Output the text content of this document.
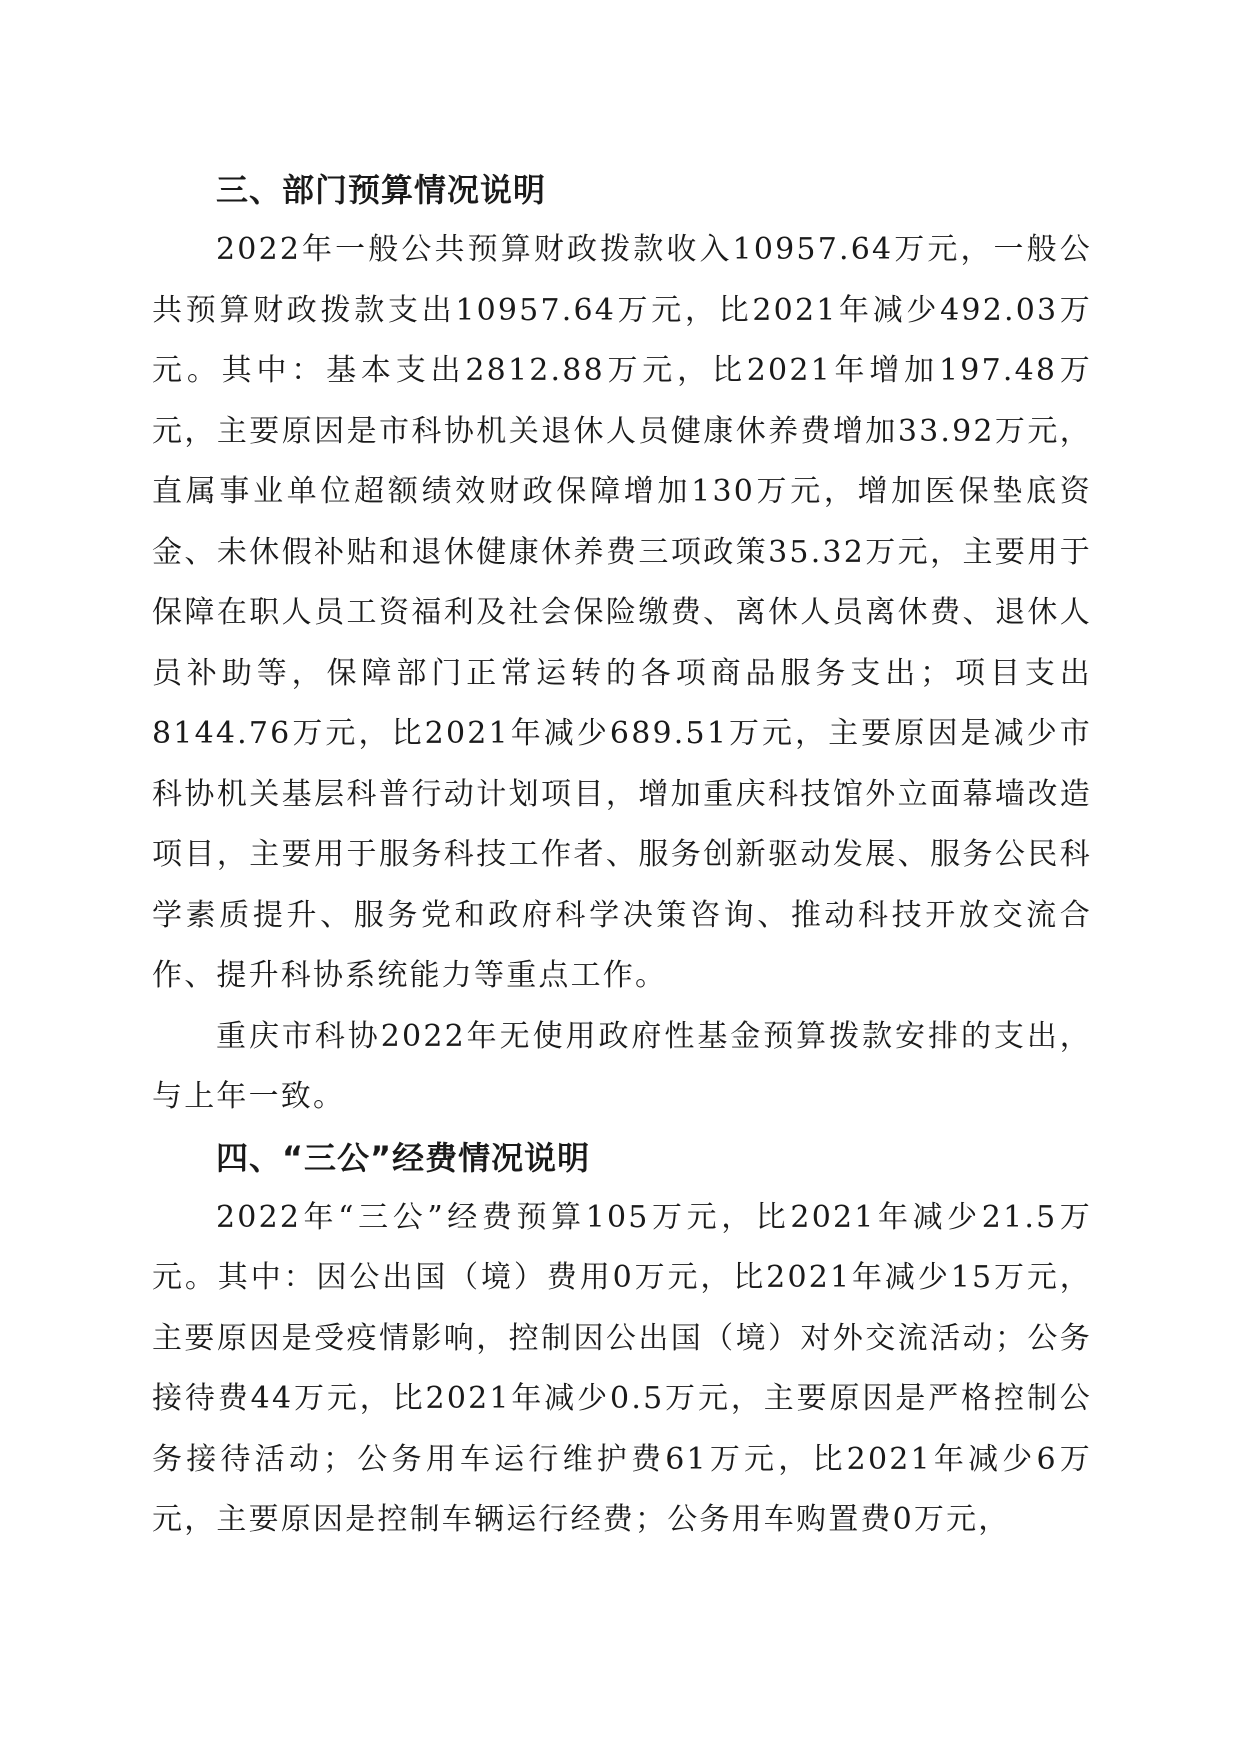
三、部门预算情况说明

2022年一般公共预算财政拨款收入10957.64万元，一般公共预算财政拨款支出10957.64万元，比2021年减少492.03万元。其中：基本支出2812.88万元，比2021年增加197.48万元，主要原因是市科协机关退休人员健康休养费增加33.92万元，直属事业单位超额绩效财政保障增加130万元，增加医保垫底资金、未休假补贴和退休健康休养费三项政策35.32万元，主要用于保障在职人员工资福利及社会保险缴费、离休人员离休费、退休人员补助等，保障部门正常运转的各项商品服务支出；项目支出8144.76万元，比2021年减少689.51万元，主要原因是减少市科协机关基层科普行动计划项目，增加重庆科技馆外立面幕墙改造项目，主要用于服务科技工作者、服务创新驱动发展、服务公民科学素质提升、服务党和政府科学决策咨询、推动科技开放交流合作、提升科协系统能力等重点工作。

重庆市科协2022年无使用政府性基金预算拨款安排的支出，与上年一致。

四、“三公”经费情况说明

2022年“三公”经费预算105万元，比2021年减少21.5万元。其中：因公出国（境）费用0万元，比2021年减少15万元，主要原因是受疫情影响，控制因公出国（境）对外交流活动；公务接待费44万元，比2021年减少0.5万元，主要原因是严格控制公务接待活动；公务用车运行维护费61万元，比2021年减少6万元，主要原因是控制车辆运行经费；公务用车购置费0万元，
